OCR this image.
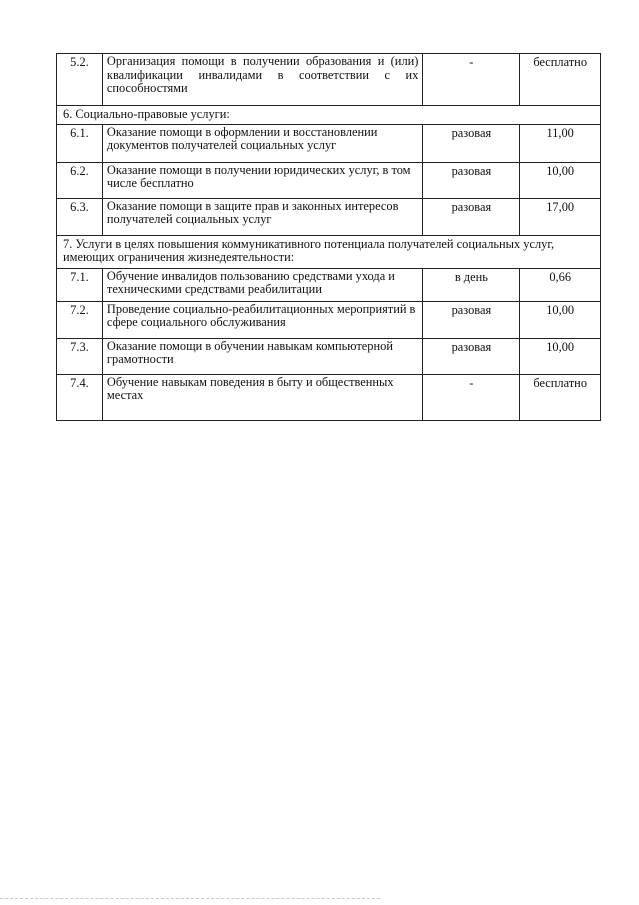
5.2.	Организация помощи в получении образования и (или) квалификации инвалидами в соответствии с их способностями	-	бесплатно
6. Социально-правовые услуги:			
6.1.	Оказание помощи в оформлении и восстановлении документов получателей социальных услуг	разовая	11,00
6.2.	Оказание помощи в получении юридических услуг, в том числе бесплатно	разовая	10,00
6.3.	Оказание помощи в защите прав и законных интересов получателей социальных услуг	разовая	17,00
7. Услуги в целях повышения коммуникативного потенциала получателей социальных услуг, имеющих ограничения жизнедеятельности:			
7.1.	Обучение инвалидов пользованию средствами ухода и техническими средствами реабилитации	в день	0,66
7.2.	Проведение социально-реабилитационных мероприятий в сфере социального обслуживания	разовая	10,00
7.3.	Оказание помощи в обучении навыкам компьютерной грамотности	разовая	10,00
7.4.	Обучение навыкам поведения в быту и общественных местах	-	бесплатно
